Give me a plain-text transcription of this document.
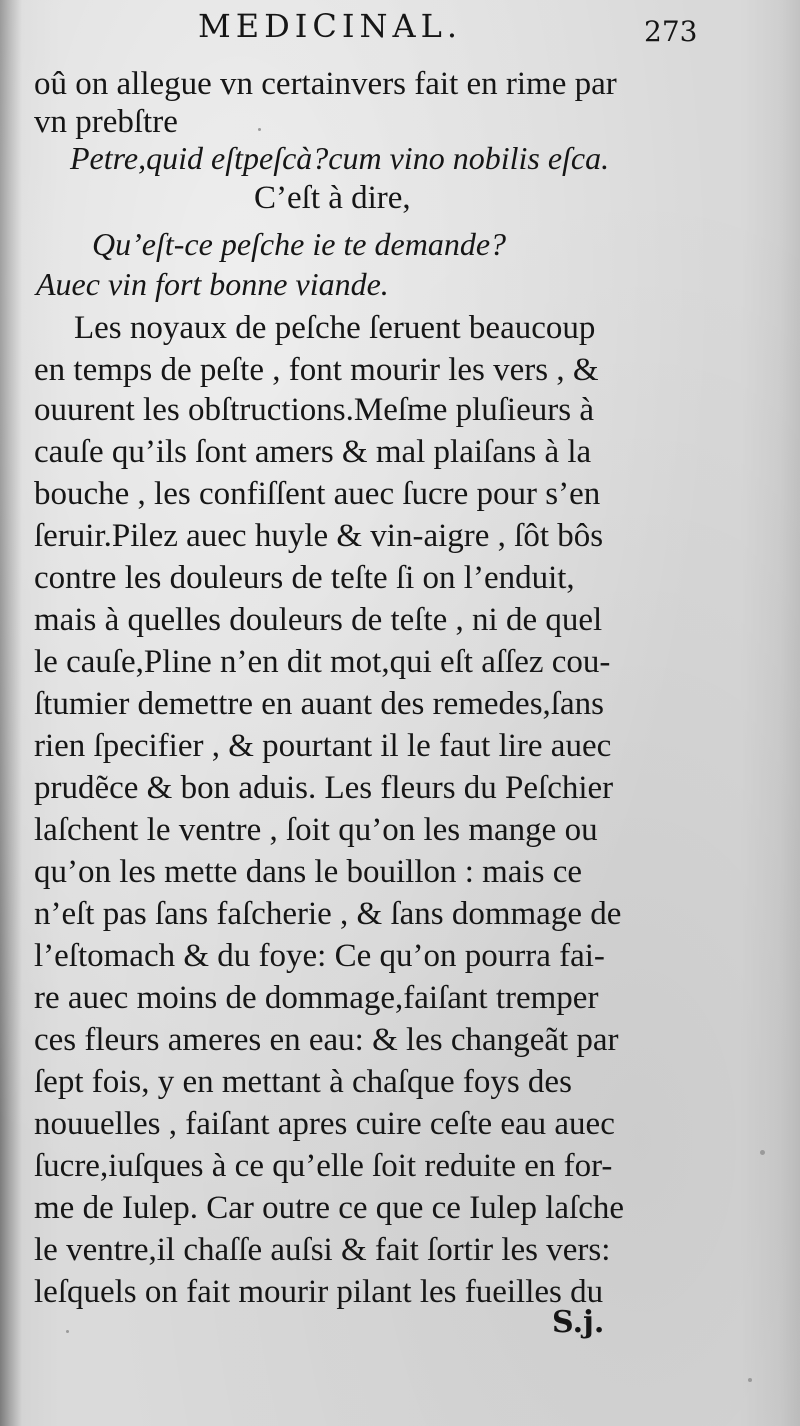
MEDICINAL.	273
oû on allegue vn certainvers fait en rime par
vn prebſtre
Petre,quid eſtpeſcà?cum vino nobilis eſca.
C’eſt à dire,
Qu’eſt-ce peſche ie te demande?
Auec vin fort bonne viande.
Les noyaux de peſche ſeruent beaucoup
en temps de peſte , font mourir les vers , &
ouurent les obſtructions.Meſme pluſieurs à
cauſe qu’ils ſont amers & mal plaiſans à la
bouche , les confiſſent auec ſucre pour s’en
ſeruir.Pilez auec huyle & vin-aigre , ſôt bôs
contre les douleurs de teſte ſi on l’enduit,
mais à quelles douleurs de teſte , ni de quel
le cauſe,Pline n’en dit mot,qui eſt aſſez cou-
ſtumier demettre en auant des remedes,ſans
rien ſpecifier , & pourtant il le faut lire auec
prudẽce & bon aduis. Les fleurs du Peſchier
laſchent le ventre , ſoit qu’on les mange ou
qu’on les mette dans le bouillon : mais ce
n’eſt pas ſans faſcherie , & ſans dommage de
l’eſtomach & du foye: Ce qu’on pourra fai-
re auec moins de dommage,faiſant tremper
ces fleurs ameres en eau: & les changeãt par
ſept fois, y en mettant à chaſque foys des
nouuelles , faiſant apres cuire ceſte eau auec
ſucre,iuſques à ce qu’elle ſoit reduite en for-
me de Iulep. Car outre ce que ce Iulep laſche
le ventre,il chaſſe auſsi & fait ſortir les vers:
leſquels on fait mourir pilant les fueilles du
S.j.
